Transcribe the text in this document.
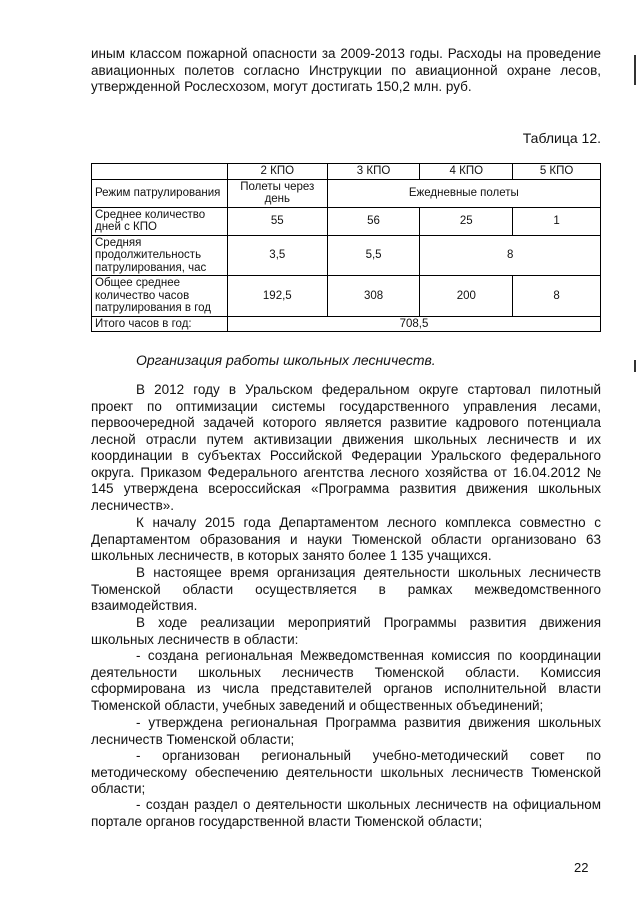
иным классом пожарной опасности за 2009-2013 годы. Расходы на проведение авиационных полетов согласно Инструкции по авиационной охране лесов, утвержденной Рослесхозом, могут достигать 150,2 млн. руб.

Таблица 12.

	2 КПО	3 КПО	4 КПО	5 КПО
Режим патрулирования	Полеты через день	Ежедневные полеты		
Среднее количество дней с КПО	55	56	25	1
Средняя продолжительность патрулирования, час	3,5	5,5	8	
Общее среднее количество часов патрулирования в год	192,5	308	200	8
Итого часов в год:	708,5			

Организация работы школьных лесничеств.

В 2012 году в Уральском федеральном округе стартовал пилотный проект по оптимизации системы государственного управления лесами, первоочередной задачей которого является развитие кадрового потенциала лесной отрасли путем активизации движения школьных лесничеств и их координации в субъектах Российской Федерации Уральского федерального округа. Приказом Федерального агентства лесного хозяйства от 16.04.2012 № 145 утверждена всероссийская «Программа развития движения школьных лесничеств».

К началу 2015 года Департаментом лесного комплекса совместно с Департаментом образования и науки Тюменской области организовано 63 школьных лесничеств, в которых занято более 1 135 учащихся.

В настоящее время организация деятельности школьных лесничеств Тюменской области осуществляется в рамках межведомственного взаимодействия.

В ходе реализации мероприятий Программы развития движения школьных лесничеств в области:

- создана региональная Межведомственная комиссия по координации деятельности школьных лесничеств Тюменской области. Комиссия сформирована из числа представителей органов исполнительной власти Тюменской области, учебных заведений и общественных объединений;

- утверждена региональная Программа развития движения школьных лесничеств Тюменской области;

- организован региональный учебно-методический совет по методическому обеспечению деятельности школьных лесничеств Тюменской области;

- создан раздел о деятельности школьных лесничеств на официальном портале органов государственной власти Тюменской области;

22
